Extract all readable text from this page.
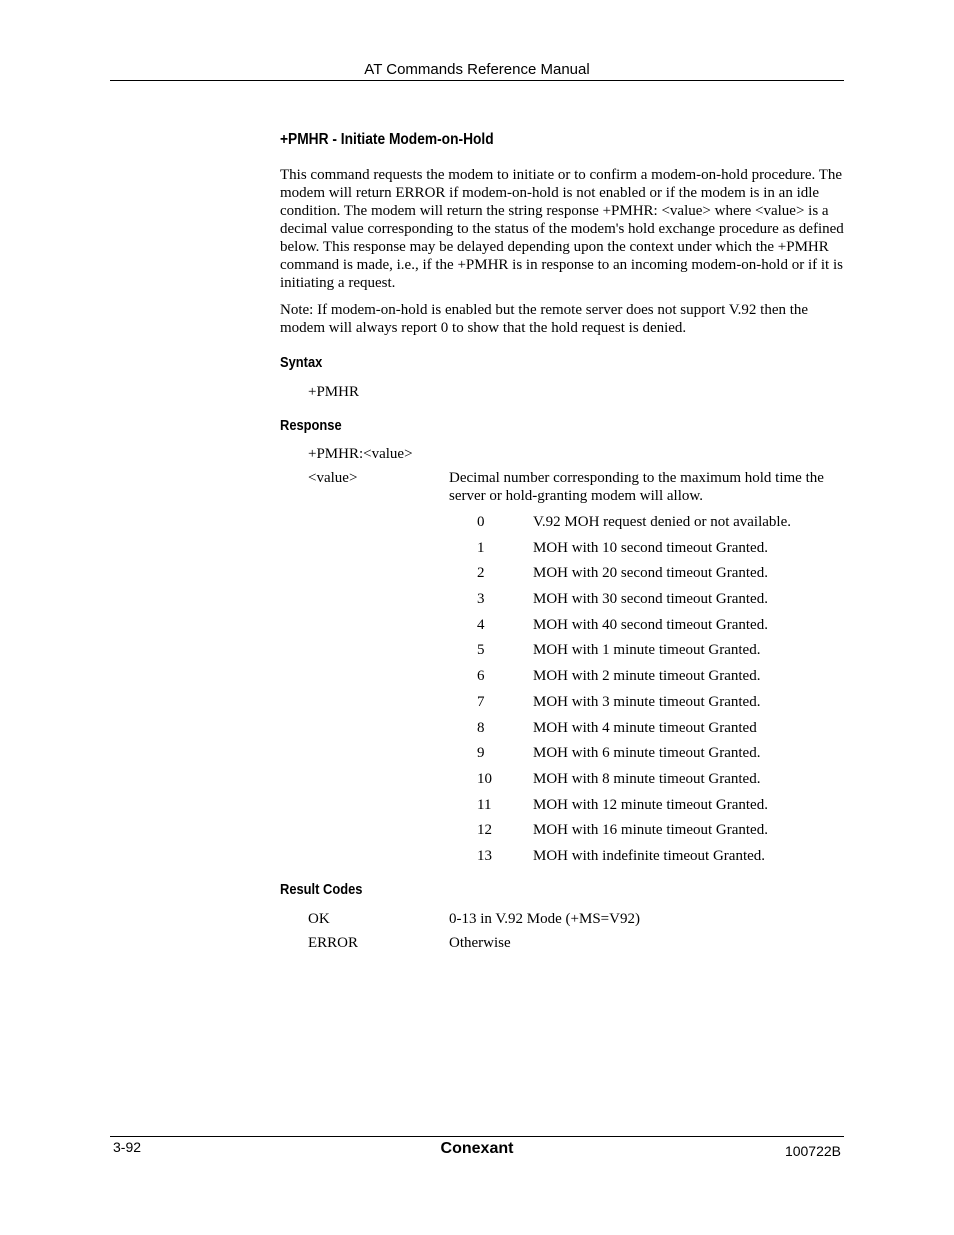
AT Commands Reference Manual
+PMHR - Initiate Modem-on-Hold
This command requests the modem to initiate or to confirm a modem-on-hold procedure. The modem will return ERROR if modem-on-hold is not enabled or if the modem is in an idle condition. The modem will return the string response +PMHR: <value> where <value> is a decimal value corresponding to the status of the modem's hold exchange procedure as defined below. This response may be delayed depending upon the context under which the +PMHR command is made, i.e., if the +PMHR is in response to an incoming modem-on-hold or if it is initiating a request.
Note: If modem-on-hold is enabled but the remote server does not support V.92 then the modem will always report 0 to show that the hold request is denied.
Syntax
+PMHR
Response
+PMHR:<value>
<value>	Decimal number corresponding to the maximum hold time the server or hold-granting modem will allow.
0	V.92 MOH request denied or not available.
1	MOH with 10 second timeout Granted.
2	MOH with 20 second timeout Granted.
3	MOH with 30 second timeout Granted.
4	MOH with 40 second timeout Granted.
5	MOH with 1 minute timeout Granted.
6	MOH with 2 minute timeout Granted.
7	MOH with 3 minute timeout Granted.
8	MOH with 4 minute timeout Granted
9	MOH with 6 minute timeout Granted.
10	MOH with 8 minute timeout Granted.
11	MOH with 12 minute timeout Granted.
12	MOH with 16 minute timeout Granted.
13	MOH with indefinite timeout Granted.
Result Codes
OK	0-13 in V.92 Mode (+MS=V92)
ERROR	Otherwise
3-92	Conexant	100722B
